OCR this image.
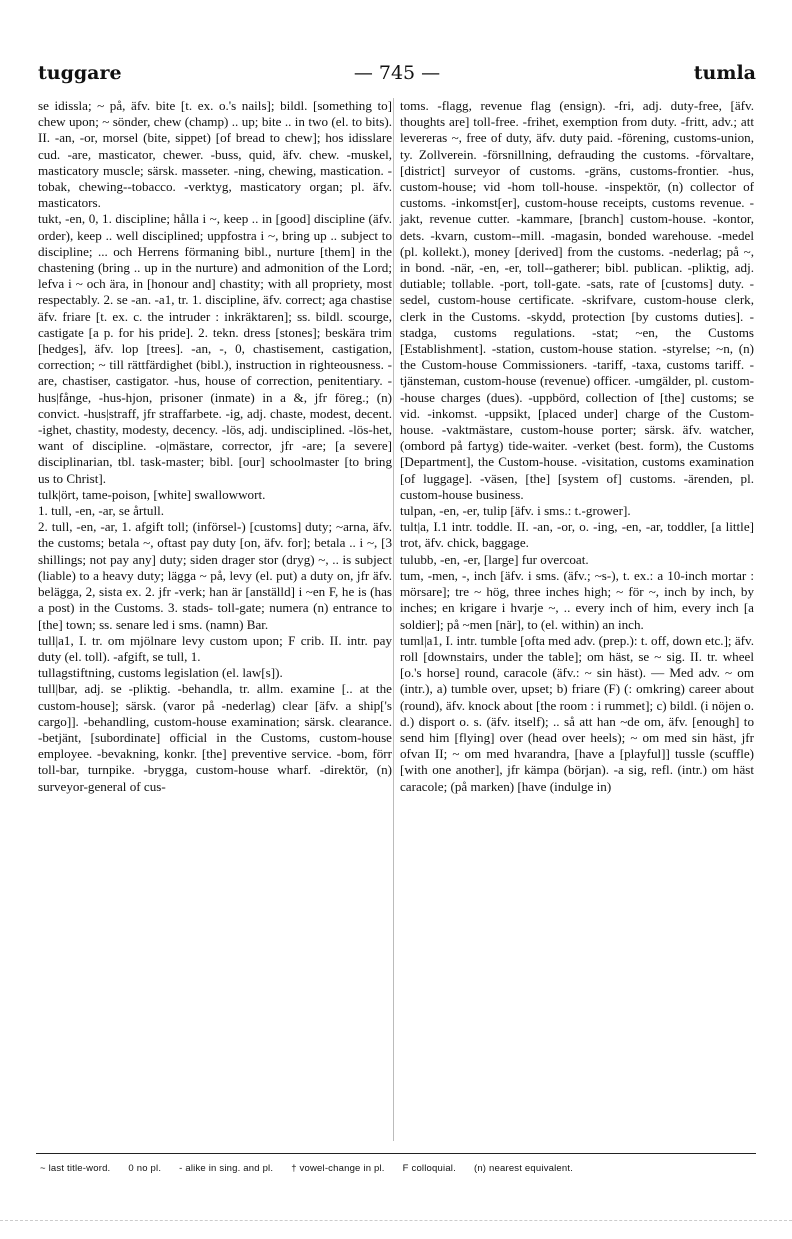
tuggare	— 745 —	tumla

se idissla; ~ på, äfv. bite [t. ex. o.'s nails]; bildl. [something to] chew upon; ~ sönder, chew (champ) .. up; bite .. in two (el. to bits). II. -an, -or, morsel (bite, sippet) [of bread to chew]; hos idisslare cud. -are, masticator, chewer. -buss, quid, äfv. chew. -muskel, masticatory muscle; särsk. masseter. -ning, chewing, mastication. -tobak, chewing--tobacco. -verktyg, masticatory organ; pl. äfv. masticators.

tukt, -en, 0, 1. discipline; hålla i ~, keep .. in [good] discipline (äfv. order), keep .. well disciplined; uppfostra i ~, bring up .. subject to discipline; ... och Herrens förmaning bibl., nurture [them] in the chastening (bring .. up in the nurture) and admonition of the Lord; lefva i ~ och ära, in [honour and] chastity; with all propriety, most respectably. 2. se -an. -a1, tr. 1. discipline, äfv. correct; aga chastise äfv. friare [t. ex. c. the intruder : inkräktaren]; ss. bildl. scourge, castigate [a p. for his pride]. 2. tekn. dress [stones]; beskära trim [hedges], äfv. lop [trees]. -an, -, 0, chastisement, castigation, correction; ~ till rättfärdighet (bibl.), instruction in righteousness. -are, chastiser, castigator. -hus, house of correction, penitentiary. -hus|fånge, -hus-hjon, prisoner (inmate) in a &, jfr föreg.; (n) convict. -hus|straff, jfr straffarbete. -ig, adj. chaste, modest, decent. -ighet, chastity, modesty, decency. -lös, adj. undisciplined. -lös-het, want of discipline. -o|mästare, corrector, jfr -are; [a severe] disciplinarian, tbl. task-master; bibl. [our] schoolmaster [to bring us to Christ].

tulk|ört, tame-poison, [white] swallowwort.

1. tull, -en, -ar, se årtull.

2. tull, -en, -ar, 1. afgift toll; (införsel-) [customs] duty; ~arna, äfv. the customs; betala ~, oftast pay duty [on, äfv. for]; betala .. i ~, [3 shillings; not pay any] duty; siden drager stor (dryg) ~, .. is subject (liable) to a heavy duty; lägga ~ på, levy (el. put) a duty on, jfr äfv. belägga, 2, sista ex. 2. jfr -verk; han är [anställd] i ~en F, he is (has a post) in the Customs. 3. stads- toll-gate; numera (n) entrance to [the] town; ss. senare led i sms. (namn) Bar.

tull|a1, I. tr. om mjölnare levy custom upon; F crib. II. intr. pay duty (el. toll). -afgift, se tull, 1.

tullagstiftning, customs legislation (el. law[s]).

tull|bar, adj. se -pliktig. -behandla, tr. allm. examine [.. at the custom-house]; särsk. (varor på -nederlag) clear [äfv. a ship['s cargo]]. -behandling, custom-house examination; särsk. clearance. -betjänt, [subordinate] official in the Customs, custom-house employee. -bevakning, konkr. [the] preventive service. -bom, förr toll-bar, turnpike. -brygga, custom-house wharf. -direktör, (n) surveyor-general of cus-

toms. -flagg, revenue flag (ensign). -fri, adj. duty-free, [äfv. thoughts are] toll-free. -frihet, exemption from duty. -fritt, adv.; att levereras ~, free of duty, äfv. duty paid. -förening, customs-union, ty. Zollverein. -försnillning, defrauding the customs. -förvaltare, [district] surveyor of customs. -gräns, customs-frontier. -hus, custom-house; vid -hom toll-house. -inspektör, (n) collector of customs. -inkomst[er], custom-house receipts, customs revenue. -jakt, revenue cutter. -kammare, [branch] custom-house. -kontor, dets. -kvarn, custom--mill. -magasin, bonded warehouse. -medel (pl. kollekt.), money [derived] from the customs. -nederlag; på ~, in bond. -när, -en, -er, toll--gatherer; bibl. publican. -pliktig, adj. dutiable; tollable. -port, toll-gate. -sats, rate of [customs] duty. -sedel, custom-house certificate. -skrifvare, custom-house clerk, clerk in the Customs. -skydd, protection [by customs duties]. -stadga, customs regulations. -stat; ~en, the Customs [Establishment]. -station, custom-house station. -styrelse; ~n, (n) the Custom-house Commissioners. -tariff, -taxa, customs tariff. -tjänsteman, custom-house (revenue) officer. -umgälder, pl. custom--house charges (dues). -uppbörd, collection of [the] customs; se vid. -inkomst. -uppsikt, [placed under] charge of the Custom-house. -vaktmästare, custom-house porter; särsk. äfv. watcher, (ombord på fartyg) tide-waiter. -verket (best. form), the Customs [Department], the Custom-house. -visitation, customs examination [of luggage]. -väsen, [the] [system of] customs. -ärenden, pl. custom-house business.

tulpan, -en, -er, tulip [äfv. i sms.: t.-grower].

tult|a, I.1 intr. toddle. II. -an, -or, o. -ing, -en, -ar, toddler, [a little] trot, äfv. chick, baggage.

tulubb, -en, -er, [large] fur overcoat.

tum, -men, -, inch [äfv. i sms. (äfv.; ~s-), t. ex.: a 10-inch mortar : mörsare]; tre ~ hög, three inches high; ~ för ~, inch by inch, by inches; en krigare i hvarje ~, .. every inch of him, every inch [a soldier]; på ~men [när], to (el. within) an inch.

tuml|a1, I. intr. tumble [ofta med adv. (prep.): t. off, down etc.]; äfv. roll [downstairs, under the table]; om häst, se ~ sig. II. tr. wheel [o.'s horse] round, caracole (äfv.: ~ sin häst). — Med adv. ~ om (intr.), a) tumble over, upset; b) friare (F) (: omkring) career about (round), äfv. knock about [the room : i rummet]; c) bildl. (i nöjen o. d.) disport o. s. (äfv. itself); .. så att han ~de om, äfv. [enough] to send him [flying] over (head over heels); ~ om med sin häst, jfr ofvan II; ~ om med hvarandra, [have a [playful]] tussle (scuffle) [with one another], jfr kämpa (början). -a sig, refl. (intr.) om häst caracole; (på marken) [have (indulge in)

~ last title-word. 0 no pl. - alike in sing. and pl. † vowel-change in pl. F colloquial. (n) nearest equivalent.
